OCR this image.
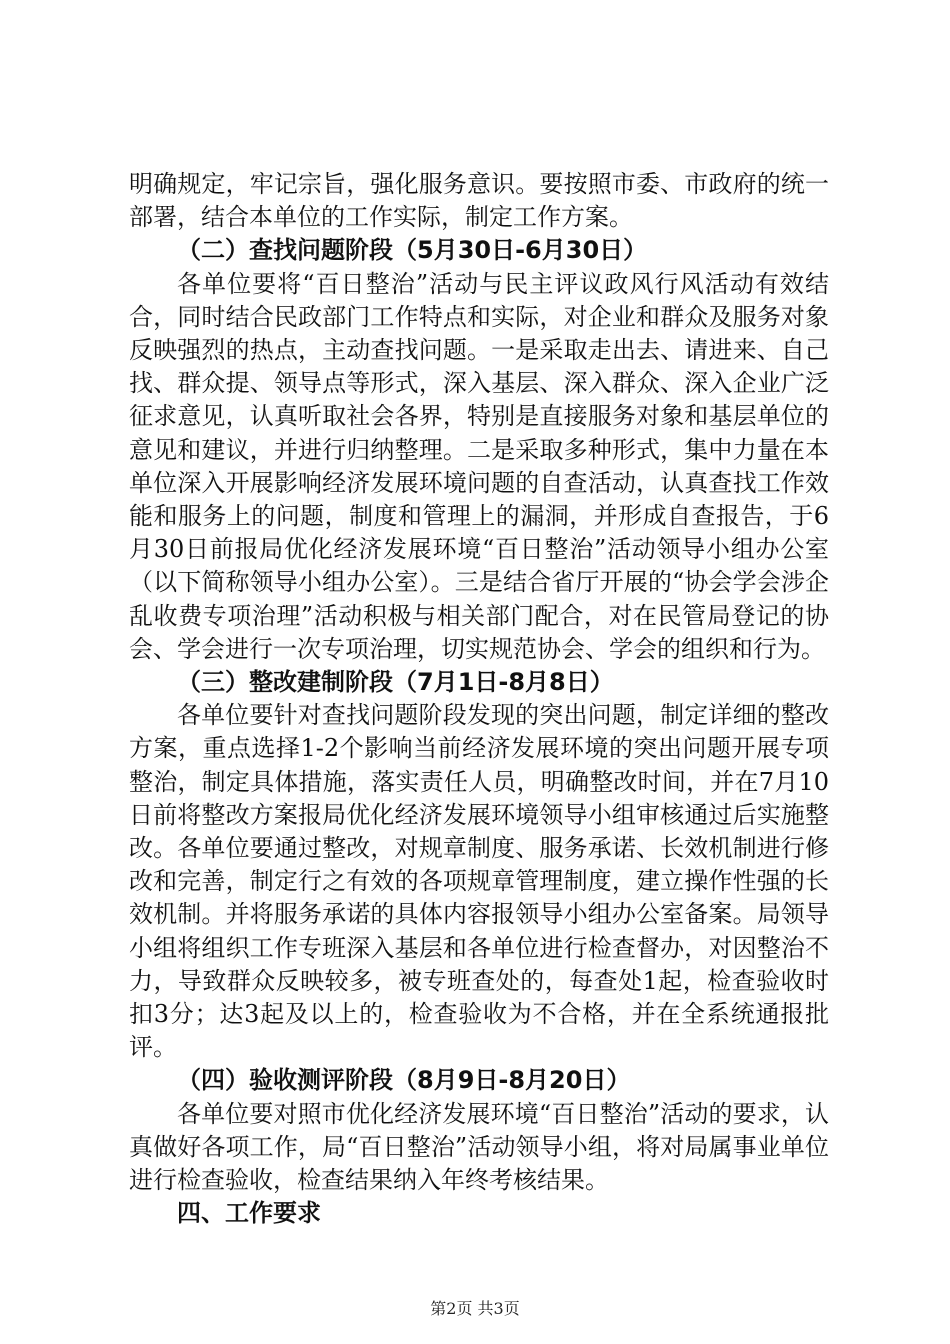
明确规定，牢记宗旨，强化服务意识。要按照市委、市政府的统一部署，结合本单位的工作实际，制定工作方案。

（二）查找问题阶段（5月30日-6月30日）

各单位要将“百日整治”活动与民主评议政风行风活动有效结合，同时结合民政部门工作特点和实际，对企业和群众及服务对象反映强烈的热点，主动查找问题。一是采取走出去、请进来、自己找、群众提、领导点等形式，深入基层、深入群众、深入企业广泛征求意见，认真听取社会各界，特别是直接服务对象和基层单位的意见和建议，并进行归纳整理。二是采取多种形式，集中力量在本单位深入开展影响经济发展环境问题的自查活动，认真查找工作效能和服务上的问题，制度和管理上的漏洞，并形成自查报告，于6月30日前报局优化经济发展环境“百日整治”活动领导小组办公室（以下简称领导小组办公室）。三是结合省厅开展的“协会学会涉企乱收费专项治理”活动积极与相关部门配合，对在民管局登记的协会、学会进行一次专项治理，切实规范协会、学会的组织和行为。

（三）整改建制阶段（7月1日-8月8日）

各单位要针对查找问题阶段发现的突出问题，制定详细的整改方案，重点选择1-2个影响当前经济发展环境的突出问题开展专项整治，制定具体措施，落实责任人员，明确整改时间，并在7月10日前将整改方案报局优化经济发展环境领导小组审核通过后实施整改。各单位要通过整改，对规章制度、服务承诺、长效机制进行修改和完善，制定行之有效的各项规章管理制度，建立操作性强的长效机制。并将服务承诺的具体内容报领导小组办公室备案。局领导小组将组织工作专班深入基层和各单位进行检查督办，对因整治不力，导致群众反映较多，被专班查处的，每查处1起，检查验收时扣3分；达3起及以上的，检查验收为不合格，并在全系统通报批评。

（四）验收测评阶段（8月9日-8月20日）

各单位要对照市优化经济发展环境“百日整治”活动的要求，认真做好各项工作，局“百日整治”活动领导小组，将对局属事业单位进行检查验收，检查结果纳入年终考核结果。

四、工作要求

第2页 共3页
